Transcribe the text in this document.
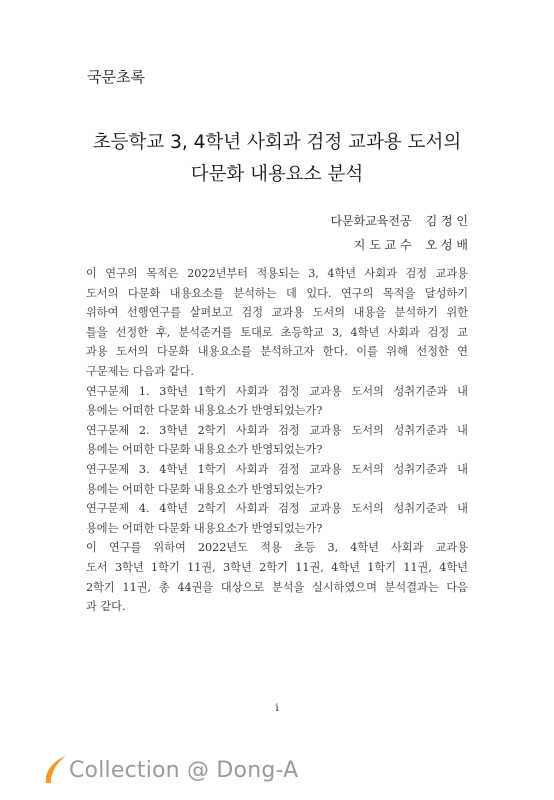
국문초록
초등학교 3, 4학년 사회과 검정 교과용 도서의
다문화 내용요소 분석
다문화교육전공 김 정 인
지 도 교 수 오 성 배
이 연구의 목적은 2022년부터 적용되는 3, 4학년 사회과 검정 교과용
도서의 다문화 내용요소를 분석하는 데 있다. 연구의 목적을 달성하기
위하여 선행연구를 살펴보고 검정 교과용 도서의 내용을 분석하기 위한
틀을 선정한 후, 분석준거를 토대로 초등학교 3, 4학년 사회과 검정 교
과용 도서의 다문화 내용요소를 분석하고자 한다. 이를 위해 선정한 연
구문제는 다음과 같다.
연구문제 1. 3학년 1학기 사회과 검정 교과용 도서의 성취기준과 내
용에는 어떠한 다문화 내용요소가 반영되었는가?
연구문제 2. 3학년 2학기 사회과 검정 교과용 도서의 성취기준과 내
용에는 어떠한 다문화 내용요소가 반영되었는가?
연구문제 3. 4학년 1학기 사회과 검정 교과용 도서의 성취기준과 내
용에는 어떠한 다문화 내용요소가 반영되었는가?
연구문제 4. 4학년 2학기 사회과 검정 교과용 도서의 성취기준과 내
용에는 어떠한 다문화 내용요소가 반영되었는가?
이 연구를 위하여 2022년도 적용 초등 3, 4학년 사회과 교과용
도서 3학년 1학기 11권, 3학년 2학기 11권, 4학년 1학기 11권, 4학년
2학기 11권, 총 44권을 대상으로 분석을 실시하였으며 분석결과는 다음
과 같다.
i
d Collection @ Dong-A
